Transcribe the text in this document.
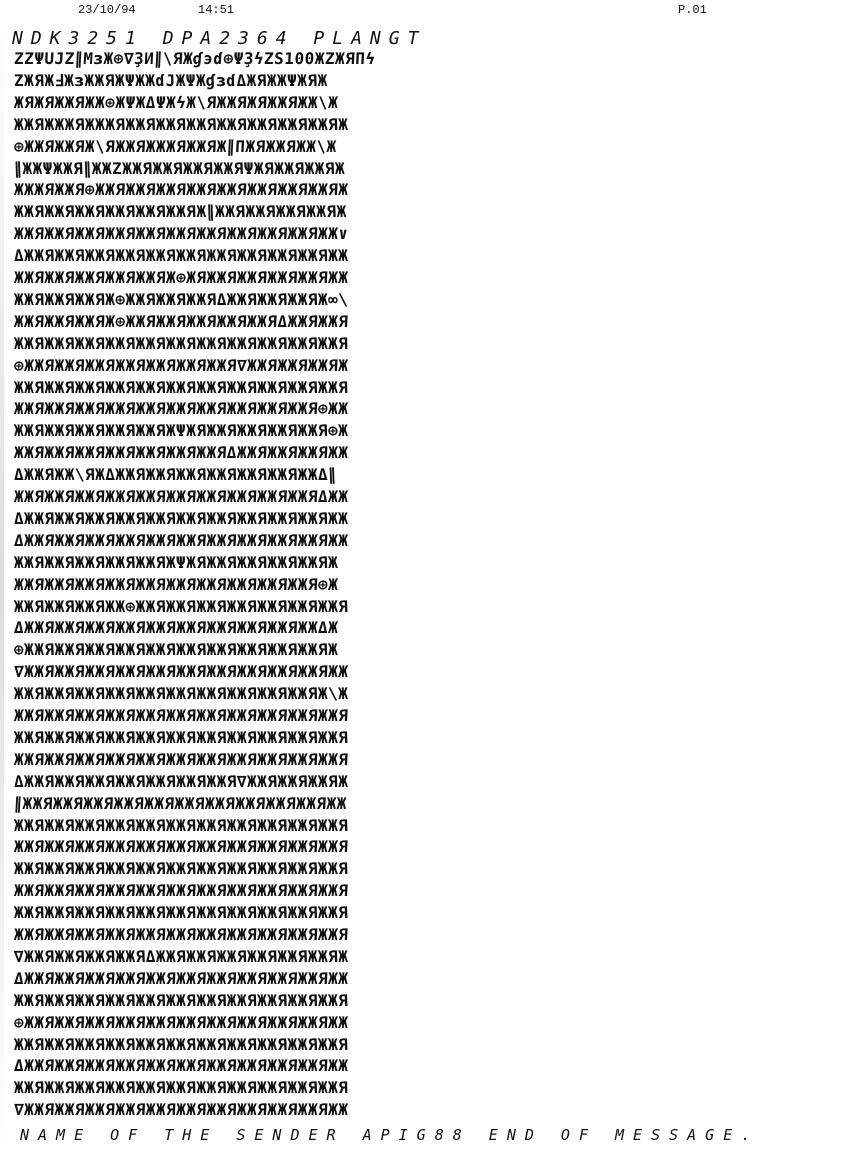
23/10/94	14:51	P.01
NDK3251 DPA2364 PLANGT
ZZΨUJZ∥MɜЖ⊕∇ҘИ∥\ЯЖɠэɗ⊕ΨҘϟΖS100ЖZЖЯΠϟ
ZЖЯЖℲЖɜЖЖЯЖΨЖЖɗJЖΨЖɠɜɗΔЖЯЖЖΨЖЯЖ
ЖЯЖЯЖЖЯЖЖ⊕ЖΨЖΔΨЖϟЖ\ЯЖЖЯЖЯЖЖЯЖЖ\Ж
ЖЖЯЖЖЖЯЖЖЖЯЖЖЯЖЖЯЖЖЯЖЖЯЖЖЯЖЖЯЖЖЯЖ
⊕ЖЖЯЖЖЯЖ\ЯЖЖЯЖЖЖЯЖЖЯЖ∥ΠЖЯЖЖЯЖЖ\Ж
∥ЖЖΨЖЖЯ∥ЖЖΖЖЖЯЖЖЯЖЖЯЖЖЯΨЖЯЖЖЯЖЖЯЖ
ЖЖЖЯЖЖЯ⊕ЖЖЯЖЖЯЖЖЯЖЖЯЖЖЯЖЖЯЖЖЯЖЖЯЖ
ЖЖЯЖЖЯЖЖЯЖЖЯЖЖЯЖЖЯЖ∥ЖЖЯЖЖЯЖЖЯЖЖЯЖ
ЖЖЯЖЖЯЖЖЯЖЖЯЖЖЯЖЖЯЖЖЯЖЖЯЖЖЯЖЖЯЖЖ∨
ΔЖЖЯЖЖЯЖЖЯЖЖЯЖЖЯЖЖЯЖЖЯЖЖЯЖЖЯЖЖЯЖЖ
ЖЖЯЖЖЯЖЖЯЖЖЯЖЖЯЖ⊕ЖЯЖЖЯЖЖЯЖЖЯЖЖЯЖЖ
ЖЖЯЖЖЯЖЖЯЖ⊕ЖЖЯЖЖЯЖЖЯΔЖЖЯЖЖЯЖЖЯЖ∞\
ЖЖЯЖЖЯЖЖЯЖ⊕ЖЖЯЖЖЯЖЖЯЖЖЯЖЖЯΔЖЖЯЖЖЯ
ЖЖЯЖЖЯЖЖЯЖЖЯЖЖЯЖЖЯЖЖЯЖЖЯЖЖЯЖЖЯЖЖЯ
⊕ЖЖЯЖЖЯЖЖЯЖЖЯЖЖЯЖЖЯЖЖЯ∇ЖЖЯЖЖЯЖЖЯЖ
ЖЖЯЖЖЯЖЖЯЖЖЯЖЖЯЖЖЯЖЖЯЖЖЯЖЖЯЖЖЯЖЖЯ
ЖЖЯЖЖЯЖЖЯЖЖЯЖЖЯЖЖЯЖЖЯЖЖЯЖЖЯЖЖЯ⊕ЖЖ
ЖЖЯЖЖЯЖЖЯЖЖЯЖЖЯЖΨЖЯЖЖЯЖЖЯЖЖЯЖЖЯ⊕Ж
ЖЖЯЖЖЯЖЖЯЖЖЯЖЖЯЖЖЯЖЖЯΔЖЖЯЖЖЯЖЖЯЖЖ
ΔЖЖЯЖЖ\ЯЖΔЖЖЯЖЖЯЖЖЯЖЖЯЖЖЯЖЖЯЖЖΔ∥
ЖЖЯЖЖЯЖЖЯЖЖЯЖЖЯЖЖЯЖЖЯЖЖЯЖЖЯЖЖЯΔЖЖ
ΔЖЖЯЖЖЯЖЖЯЖЖЯЖЖЯЖЖЯЖЖЯЖЖЯЖЖЯЖЖЯЖЖ
ΔЖЖЯЖЖЯЖЖЯЖЖЯЖЖЯЖЖЯЖЖЯЖЖЯЖЖЯЖЖЯЖЖ
ЖЖЯЖЖЯЖЖЯЖЖЯЖЖЯЖΨЖЯЖЖЯЖЖЯЖЖЯЖЖЯЖ
ЖЖЯЖЖЯЖЖЯЖЖЯЖЖЯЖЖЯЖЖЯЖЖЯЖЖЯЖЖЯ⊕Ж
ЖЖЯЖЖЯЖЖЯЖЖ⊕ЖЖЯЖЖЯЖЖЯЖЖЯЖЖЯЖЖЯЖЖЯ
ΔЖЖЯЖЖЯЖЖЯЖЖЯЖЖЯЖЖЯЖЖЯЖЖЯЖЖЯЖЖΔЖ
⊕ЖЖЯЖЖЯЖЖЯЖЖЯЖЖЯЖЖЯЖЖЯЖЖЯЖЖЯЖЖЯЖ
∇ЖЖЯЖЖЯЖЖЯЖЖЯЖЖЯЖЖЯЖЖЯЖЖЯЖЖЯЖЖЯЖЖ
ЖЖЯЖЖЯЖЖЯЖЖЯЖЖЯЖЖЯЖЖЯЖЖЯЖЖЯЖЖЯЖ\Ж
ЖЖЯЖЖЯЖЖЯЖЖЯЖЖЯЖЖЯЖЖЯЖЖЯЖЖЯЖЖЯЖЖЯ
ЖЖЯЖЖЯЖЖЯЖЖЯЖЖЯЖЖЯЖЖЯЖЖЯЖЖЯЖЖЯЖЖЯ
ЖЖЯЖЖЯЖЖЯЖЖЯЖЖЯЖЖЯЖЖЯЖЖЯЖЖЯЖЖЯЖЖЯ
ΔЖЖЯЖЖЯЖЖЯЖЖЯЖЖЯЖЖЯЖЖЯ∇ЖЖЯЖЖЯЖЖЯЖ
∥ЖЖЯЖЖЯЖЖЯЖЖЯЖЖЯЖЖЯЖЖЯЖЖЯЖЖЯЖЖЯЖЖ
ЖЖЯЖЖЯЖЖЯЖЖЯЖЖЯЖЖЯЖЖЯЖЖЯЖЖЯЖЖЯЖЖЯ
ЖЖЯЖЖЯЖЖЯЖЖЯЖЖЯЖЖЯЖЖЯЖЖЯЖЖЯЖЖЯЖЖЯ
ЖЖЯЖЖЯЖЖЯЖЖЯЖЖЯЖЖЯЖЖЯЖЖЯЖЖЯЖЖЯЖЖЯ
ЖЖЯЖЖЯЖЖЯЖЖЯЖЖЯЖЖЯЖЖЯЖЖЯЖЖЯЖЖЯЖЖЯ
ЖЖЯЖЖЯЖЖЯЖЖЯЖЖЯЖЖЯЖЖЯЖЖЯЖЖЯЖЖЯЖЖЯ
ЖЖЯЖЖЯЖЖЯЖЖЯЖЖЯЖЖЯЖЖЯЖЖЯЖЖЯЖЖЯЖЖЯ
∇ЖЖЯЖЖЯЖЖЯЖЖЯΔЖЖЯЖЖЯЖЖЯЖЖЯЖЖЯЖЖЯЖ
ΔЖЖЯЖЖЯЖЖЯЖЖЯЖЖЯЖЖЯЖЖЯЖЖЯЖЖЯЖЖЯЖЖ
ЖЖЯЖЖЯЖЖЯЖЖЯЖЖЯЖЖЯЖЖЯЖЖЯЖЖЯЖЖЯЖЖЯ
⊕ЖЖЯЖЖЯЖЖЯЖЖЯЖЖЯЖЖЯЖЖЯЖЖЯЖЖЯЖЖЯЖЖ
ЖЖЯЖЖЯЖЖЯЖЖЯЖЖЯЖЖЯЖЖЯЖЖЯЖЖЯЖЖЯЖЖЯ
ΔЖЖЯЖЖЯЖЖЯЖЖЯЖЖЯЖЖЯЖЖЯЖЖЯЖЖЯЖЖЯЖЖ
ЖЖЯЖЖЯЖЖЯЖЖЯЖЖЯЖЖЯЖЖЯЖЖЯЖЖЯЖЖЯЖЖЯ
∇ЖЖЯЖЖЯЖЖЯЖЖЯЖЖЯЖЖЯЖЖЯЖЖЯЖЖЯЖЖЯЖЖ
NAME OF THE SENDER APIG88 END OF MESSAGE.
